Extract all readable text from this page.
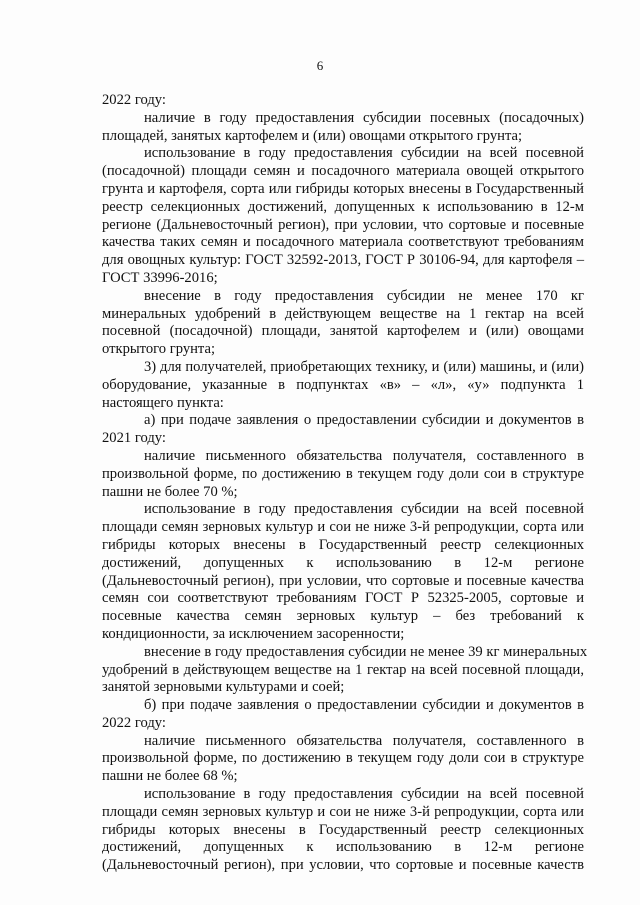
6
2022 году:
наличие в году предоставления субсидии посевных (посадочных)
площадей, занятых картофелем и (или) овощами открытого грунта;
использование в году предоставления субсидии на всей посевной
(посадочной) площади семян и посадочного материала овощей открытого
грунта и картофеля, сорта или гибриды которых внесены в Государственный
реестр селекционных достижений, допущенных к использованию в 12-м
регионе (Дальневосточный регион), при условии, что сортовые и посевные
качества таких семян и посадочного материала соответствуют требованиям
для овощных культур: ГОСТ 32592-2013, ГОСТ Р 30106-94, для картофеля –
ГОСТ 33996-2016;
внесение в году предоставления субсидии не менее 170 кг
минеральных удобрений в действующем веществе на 1 гектар на всей
посевной (посадочной) площади, занятой картофелем и (или) овощами
открытого грунта;
3) для получателей, приобретающих технику, и (или) машины, и (или)
оборудование, указанные в подпунктах «в» – «л», «у» подпункта 1
настоящего пункта:
а) при подаче заявления о предоставлении субсидии и документов в
2021 году:
наличие письменного обязательства получателя, составленного в
произвольной форме, по достижению в текущем году доли сои в структуре
пашни не более 70 %;
использование в году предоставления субсидии на всей посевной
площади семян зерновых культур и сои не ниже 3-й репродукции, сорта или
гибриды которых внесены в Государственный реестр селекционных
достижений, допущенных к использованию в 12-м регионе
(Дальневосточный регион), при условии, что сортовые и посевные качества
семян сои соответствуют требованиям ГОСТ Р 52325-2005, сортовые и
посевные качества семян зерновых культур – без требований к
кондиционности, за исключением засоренности;
внесение в году предоставления субсидии не менее 39 кг минеральных
удобрений в действующем веществе на 1 гектар на всей посевной площади,
занятой зерновыми культурами и соей;
б) при подаче заявления о предоставлении субсидии и документов в
2022 году:
наличие письменного обязательства получателя, составленного в
произвольной форме, по достижению в текущем году доли сои в структуре
пашни не более 68 %;
использование в году предоставления субсидии на всей посевной
площади семян зерновых культур и сои не ниже 3-й репродукции, сорта или
гибриды которых внесены в Государственный реестр селекционных
достижений, допущенных к использованию в 12-м регионе
(Дальневосточный регион), при условии, что сортовые и посевные качеств
